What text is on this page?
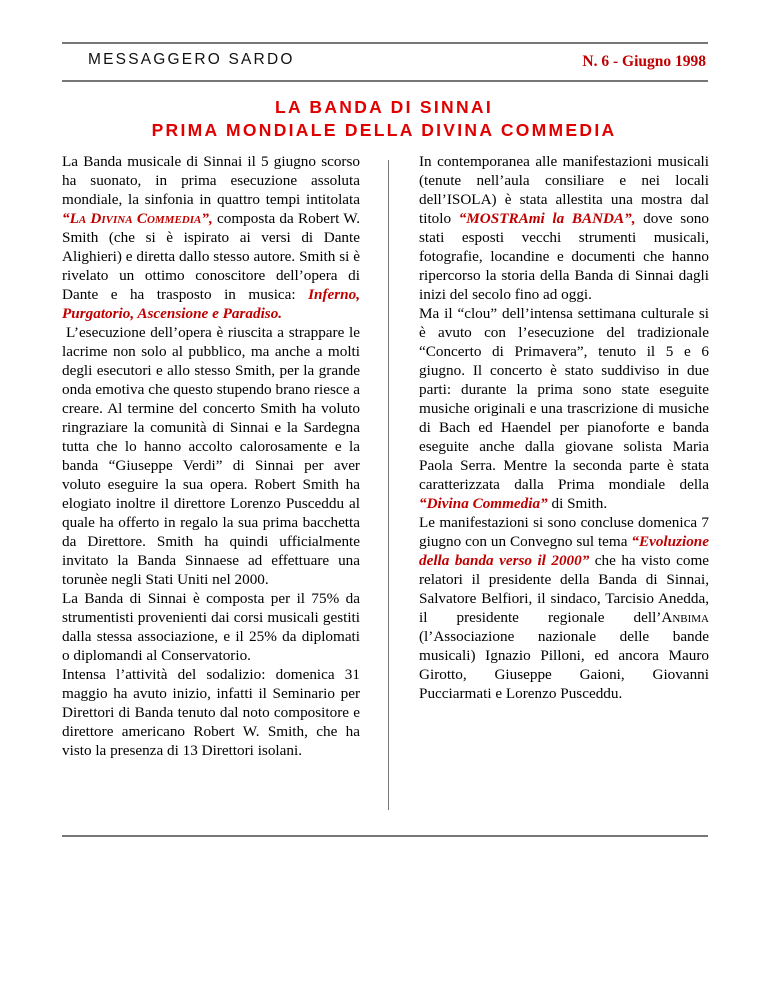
MESSAGGERO SARDO	N. 6 - Giugno 1998
LA BANDA DI SINNAI
PRIMA MONDIALE DELLA DIVINA COMMEDIA

La Banda musicale di Sinnai il 5 giugno scorso ha suonato, in prima esecuzione assoluta mondiale, la sinfonia in quattro tempi intitolata “La Divina Commedia”, composta da Robert W. Smith (che si è ispirato ai versi di Dante Alighieri) e diretta dallo stesso autore. Smith si è rivelato un ottimo conoscitore dell’opera di Dante e ha trasposto in musica: Inferno, Purgatorio, Ascensione e Paradiso.

L’esecuzione dell’opera è riuscita a strappare le lacrime non solo al pubblico, ma anche a molti degli esecutori e allo stesso Smith, per la grande onda emotiva che questo stupendo brano riesce a creare. Al termine del concerto Smith ha voluto ringraziare la comunità di Sinnai e la Sardegna tutta che lo hanno accolto calorosamente e la banda “Giuseppe Verdi” di Sinnai per aver voluto eseguire la sua opera. Robert Smith ha elogiato inoltre il direttore Lorenzo Pusceddu al quale ha offerto in regalo la sua prima bacchetta da Direttore. Smith ha quindi ufficialmente invitato la Banda Sinnaese ad effettuare una torunèe negli Stati Uniti nel 2000.

La Banda di Sinnai è composta per il 75% da strumentisti provenienti dai corsi musicali gestiti dalla stessa associazione, e il 25% da diplomati o diplomandi al Conservatorio.

Intensa l’attività del sodalizio: domenica 31 maggio ha avuto inizio, infatti il Seminario per Direttori di Banda tenuto dal noto compositore e direttore americano Robert W. Smith, che ha visto la presenza di 13 Direttori isolani.

In contemporanea alle manifestazioni musicali (tenute nell’aula consiliare e nei locali dell’ISOLA) è stata allestita una mostra dal titolo “MOSTRAmi la BANDA”, dove sono stati esposti vecchi strumenti musicali, fotografie, locandine e documenti che hanno ripercorso la storia della Banda di Sinnai dagli inizi del secolo fino ad oggi.

Ma il “clou” dell’intensa settimana culturale si è avuto con l’esecuzione del tradizionale “Concerto di Primavera”, tenuto il 5 e 6 giugno. Il concerto è stato suddiviso in due parti: durante la prima sono state eseguite musiche originali e una trascrizione di musiche di Bach ed Haendel per pianoforte e banda eseguite anche dalla giovane solista Maria Paola Serra. Mentre la seconda parte è stata caratterizzata dalla Prima mondiale della “Divina Commedia” di Smith.

Le manifestazioni si sono concluse domenica 7 giugno con un Convegno sul tema “Evoluzione della banda verso il 2000” che ha visto come relatori il presidente della Banda di Sinnai, Salvatore Belfiori, il sindaco, Tarcisio Anedda, il presidente regionale dell’Anbima (l’Associazione nazionale delle bande musicali) Ignazio Pilloni, ed ancora Mauro Girotto, Giuseppe Gaioni, Giovanni Pucciarmati e Lorenzo Pusceddu.
